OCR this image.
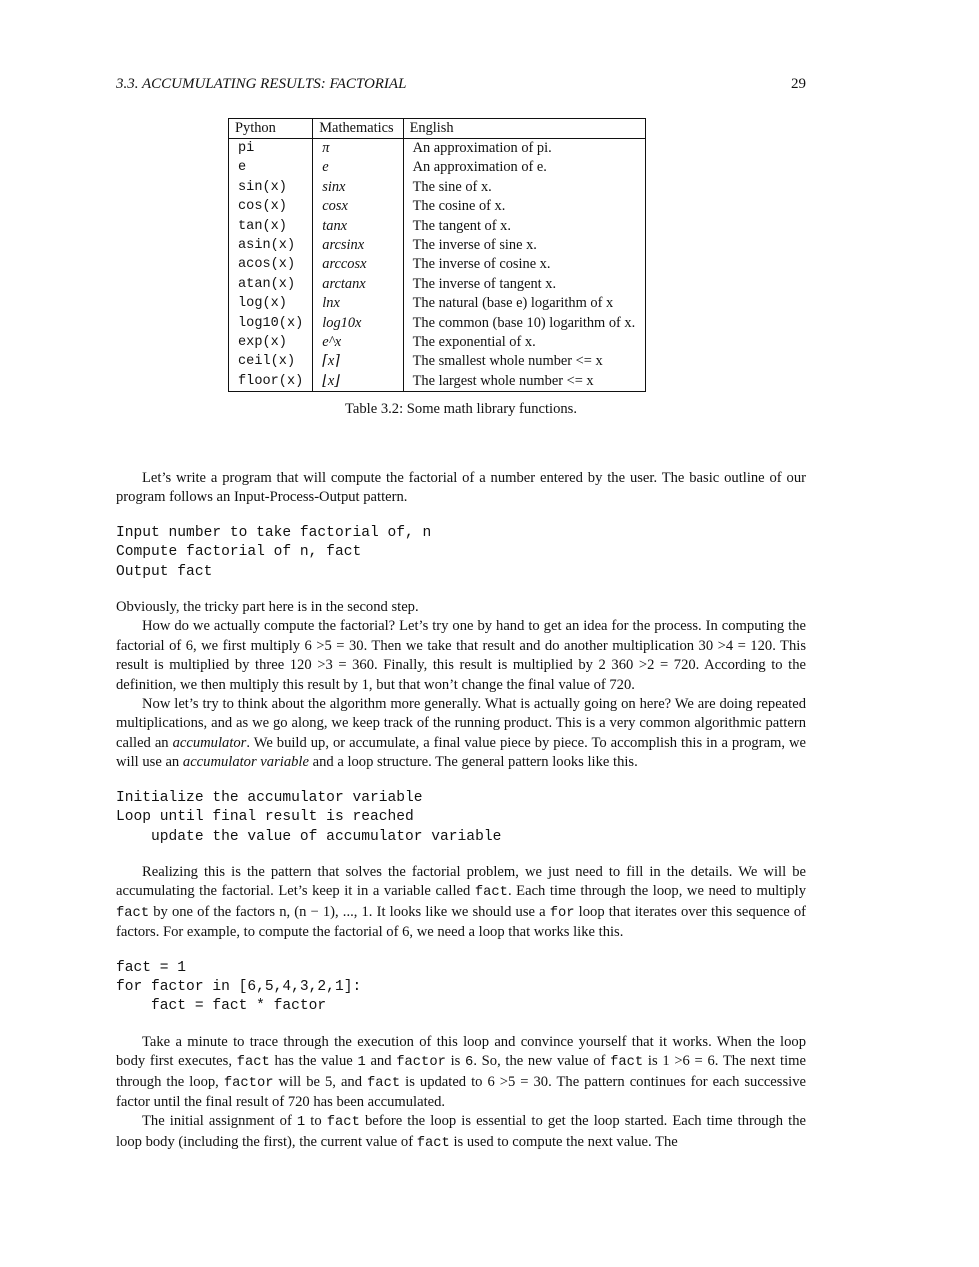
3.3. ACCUMULATING RESULTS: FACTORIAL	29
Python	Mathematics	English
pi	π	An approximation of pi.
e	e	An approximation of e.
sin(x)	sinx	The sine of x.
cos(x)	cosx	The cosine of x.
tan(x)	tanx	The tangent of x.
asin(x)	arcsinx	The inverse of sine x.
acos(x)	arccosx	The inverse of cosine x.
atan(x)	arctanx	The inverse of tangent x.
log(x)	lnx	The natural (base e) logarithm of x
log10(x)	log10x	The common (base 10) logarithm of x.
exp(x)	e^x	The exponential of x.
ceil(x)	⌈x⌉	The smallest whole number <= x
floor(x)	⌊x⌋	The largest whole number <= x
Table 3.2: Some math library functions.

Let’s write a program that will compute the factorial of a number entered by the user. The basic outline of our program follows an Input-Process-Output pattern.

Input number to take factorial of, n
Compute factorial of n, fact
Output fact

Obviously, the tricky part here is in the second step.

How do we actually compute the factorial? Let’s try one by hand to get an idea for the process. In computing the factorial of 6, we first multiply 6 ⁠>5 = 30. Then we take that result and do another multiplication 30 ⁠>4 = 120. This result is multiplied by three 120 ⁠>3 = 360. Finally, this result is multiplied by 2 360 ⁠>2 = 720. According to the definition, we then multiply this result by 1, but that won’t change the final value of 720.

Now let’s try to think about the algorithm more generally. What is actually going on here? We are doing repeated multiplications, and as we go along, we keep track of the running product. This is a very common algorithmic pattern called an accumulator. We build up, or accumulate, a final value piece by piece. To accomplish this in a program, we will use an accumulator variable and a loop structure. The general pattern looks like this.

Initialize the accumulator variable
Loop until final result is reached
update the value of accumulator variable

Realizing this is the pattern that solves the factorial problem, we just need to fill in the details. We will be accumulating the factorial. Let’s keep it in a variable called fact. Each time through the loop, we need to multiply fact by one of the factors n, (n − 1), ..., 1. It looks like we should use a for loop that iterates over this sequence of factors. For example, to compute the factorial of 6, we need a loop that works like this.

fact = 1
for factor in [6,5,4,3,2,1]:
fact = fact * factor

Take a minute to trace through the execution of this loop and convince yourself that it works. When the loop body first executes, fact has the value 1 and factor is 6. So, the new value of fact is 1 >6 = 6. The next time through the loop, factor will be 5, and fact is updated to 6 >5 = 30. The pattern continues for each successive factor until the final result of 720 has been accumulated.

The initial assignment of 1 to fact before the loop is essential to get the loop started. Each time through the loop body (including the first), the current value of fact is used to compute the next value. The
